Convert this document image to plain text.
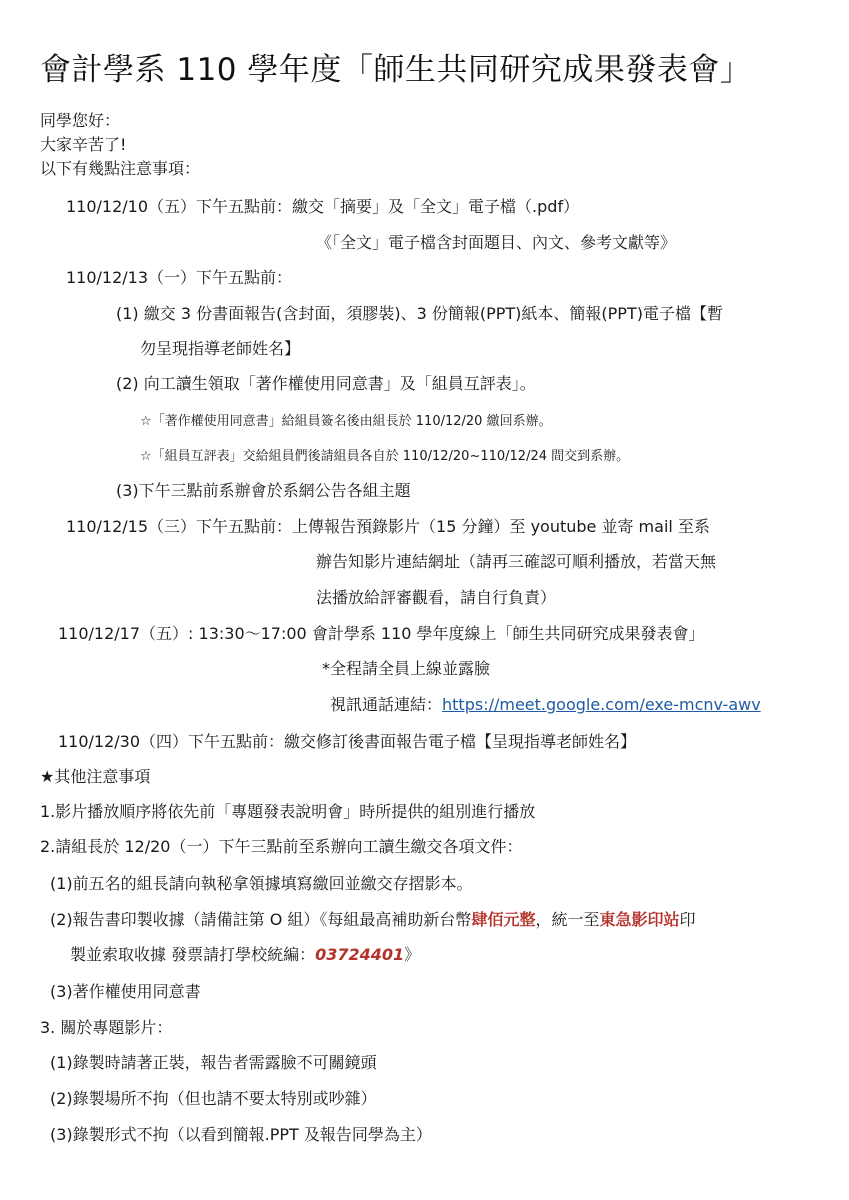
會計學系 110 學年度「師生共同研究成果發表會」
同學您好：
大家辛苦了!
以下有幾點注意事項：
110/12/10（五）下午五點前：繳交「摘要」及「全文」電子檔（.pdf）
《「全文」電子檔含封面題目、內文、參考文獻等》
110/12/13（一）下午五點前：
(1) 繳交 3 份書面報告(含封面，須膠裝)、3 份簡報(PPT)紙本、簡報(PPT)電子檔【暫
勿呈現指導老師姓名】
(2) 向工讀生領取「著作權使用同意書」及「組員互評表」。
☆「著作權使用同意書」給組員簽名後由組長於 110/12/20 繳回系辦。
☆「組員互評表」交給組員們後請組員各自於 110/12/20~110/12/24 間交到系辦。
(3)下午三點前系辦會於系網公告各組主題
110/12/15（三）下午五點前：上傳報告預錄影片（15 分鐘）至 youtube 並寄 mail 至系
辦告知影片連結網址（請再三確認可順利播放，若當天無
法播放給評審觀看，請自行負責）
110/12/17（五）: 13:30～17:00 會計學系 110 學年度線上「師生共同研究成果發表會」
*全程請全員上線並露臉
視訊通話連結：https://meet.google.com/exe-mcnv-awv
110/12/30（四）下午五點前：繳交修訂後書面報告電子檔【呈現指導老師姓名】
★其他注意事項
1.影片播放順序將依先前「專題發表說明會」時所提供的組別進行播放
2.請組長於 12/20（一）下午三點前至系辦向工讀生繳交各項文件：
(1)前五名的組長請向執秘拿領據填寫繳回並繳交存摺影本。
(2)報告書印製收據（請備註第 O 組）《每組最高補助新台幣肆佰元整，統一至東急影印站印
製並索取收據 發票請打學校統編：03724401》
(3)著作權使用同意書
3. 關於專題影片：
(1)錄製時請著正裝，報告者需露臉不可關鏡頭
(2)錄製場所不拘（但也請不要太特別或吵雜）
(3)錄製形式不拘（以看到簡報.PPT 及報告同學為主）
